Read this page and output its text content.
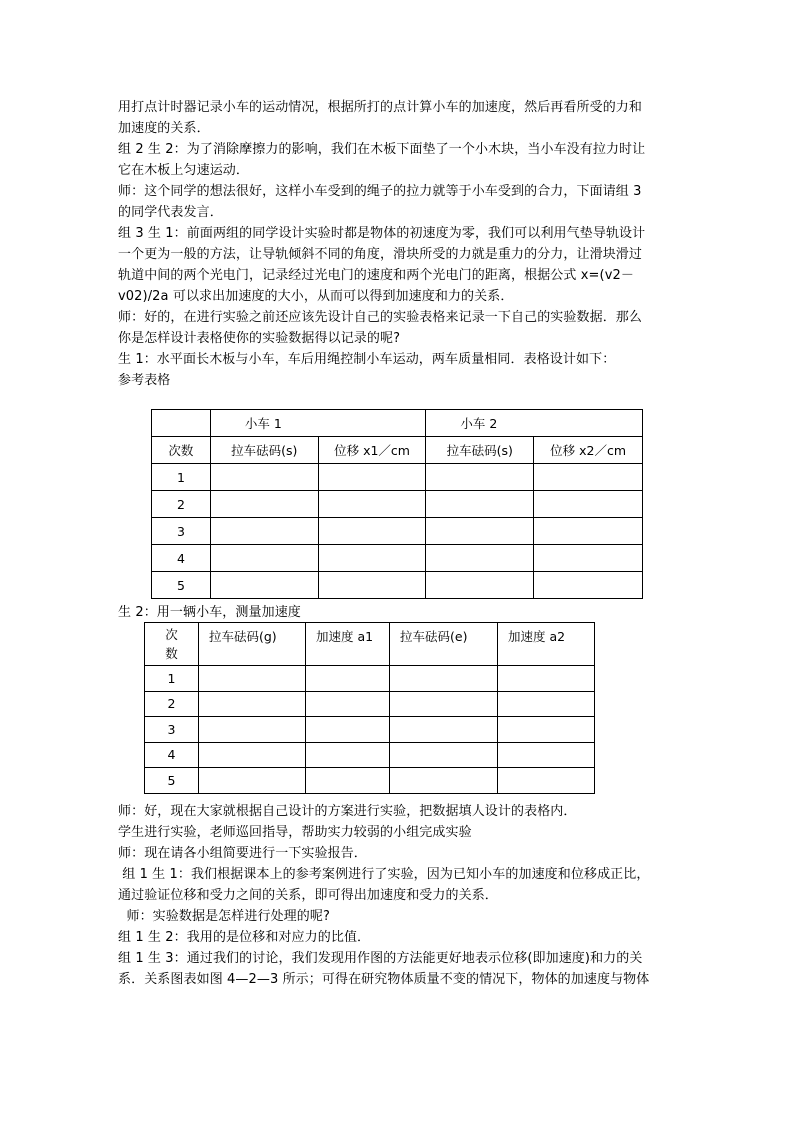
用打点计时器记录小车的运动情况，根据所打的点计算小车的加速度，然后再看所受的力和
加速度的关系．
组 2 生 2：为了消除摩擦力的影响，我们在木板下面垫了一个小木块，当小车没有拉力时让
它在木板上匀速运动．
师：这个同学的想法很好，这样小车受到的绳子的拉力就等于小车受到的合力，下面请组 3
的同学代表发言．
组 3 生 1：前面两组的同学设计实验时都是物体的初速度为零，我们可以利用气垫导轨设计
一个更为一般的方法，让导轨倾斜不同的角度，滑块所受的力就是重力的分力，让滑块滑过
轨道中间的两个光电门，记录经过光电门的速度和两个光电门的距离，根据公式 x=(v2－
v02)/2a 可以求出加速度的大小，从而可以得到加速度和力的关系．
师：好的，在进行实验之前还应该先设计自己的实验表格来记录一下自己的实验数据．那么
你是怎样设计表格使你的实验数据得以记录的呢?
生 1：水平面长木板与小车，车后用绳控制小车运动，两车质量相同．表格设计如下：
参考表格
	小车 1		小车 2	
次数	拉车砝码(s)	位移 x1／cm	拉车砝码(s)	位移 x2／cm
1				
2				
3				
4				
5				
生 2：用一辆小车，测量加速度
次
数	拉车砝码(g)	加速度 a1	拉车砝码(e)	加速度 a2
1				
2				
3				
4				
5				
师：好，现在大家就根据自己设计的方案进行实验，把数据填人设计的表格内．
学生进行实验，老师巡回指导，帮助实力较弱的小组完成实验
师：现在请各小组简要进行一下实验报告．
组 1 生 1：我们根据课本上的参考案例进行了实验，因为已知小车的加速度和位移成正比，
通过验证位移和受力之间的关系，即可得出加速度和受力的关系．
师：实验数据是怎样进行处理的呢?
组 1 生 2：我用的是位移和对应力的比值．
组 1 生 3：通过我们的讨论，我们发现用作图的方法能更好地表示位移(即加速度)和力的关
系．关系图表如图 4—2—3 所示；可得在研究物体质量不变的情况下，物体的加速度与物体
